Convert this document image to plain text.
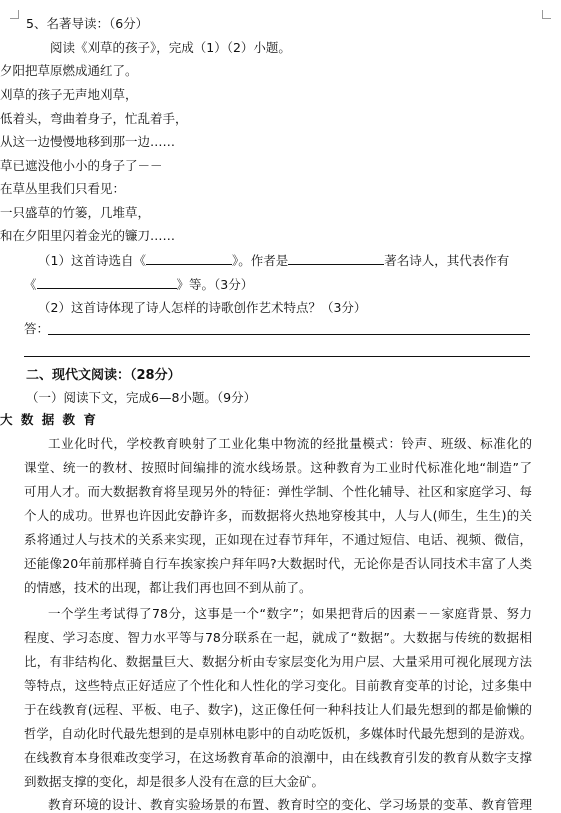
5、名著导读：（6分）
阅读《刈草的孩子》，完成（1）（2）小题。
夕阳把草原燃成通红了。
刈草的孩子无声地刈草，
低着头，弯曲着身子，忙乱着手，
从这一边慢慢地移到那一边……
草已遮没他小小的身子了－－
在草丛里我们只看见：
一只盛草的竹篓，几堆草，
和在夕阳里闪着金光的镰刀……
（1）这首诗选自《	》。作者是	著名诗人，其代表作有
《	》等。（3分）
（2）这首诗体现了诗人怎样的诗歌创作艺术特点？（3分）
答：
二、现代文阅读：（28分）
（一）阅读下文，完成6—8小题。（9分）
大 数 据 教 育
工业化时代，学校教育映射了工业化集中物流的经批量模式：铃声、班级、标准化的
课堂、统一的教材、按照时间编排的流水线场景。这种教育为工业时代标准化地“制造”了
可用人才。而大数据教育将呈现另外的特征：弹性学制、个性化辅导、社区和家庭学习、每
个人的成功。世界也许因此安静许多，而数据将火热地穿梭其中，人与人(师生，生生)的关
系将通过人与技术的关系来实现，正如现在过春节拜年，不通过短信、电话、视频、微信，
还能像20年前那样骑自行车挨家挨户拜年吗?大数据时代，无论你是否认同技术丰富了人类
的情感，技术的出现，都让我们再也回不到从前了。
一个学生考试得了78分，这事是一个“数字”；如果把背后的因素－－家庭背景、努力
程度、学习态度、智力水平等与78分联系在一起，就成了“数据”。大数据与传统的数据相
比，有非结构化、数据量巨大、数据分析由专家层变化为用户层、大量采用可视化展现方法
等特点，这些特点正好适应了个性化和人性化的学习变化。目前教育变革的讨论，过多集中
于在线教育(远程、平板、电子、数字)，这正像任何一种科技让人们最先想到的都是偷懒的
哲学，自动化时代最先想到的是卓别林电影中的自动吃饭机，多媒体时代最先想到的是游戏。
在线教育本身很难改变学习，在这场教育革命的浪潮中，由在线教育引发的教育从数字支撑
到数据支撑的变化，却是很多人没有在意的巨大金矿。
教育环境的设计、教育实验场景的布置、教育时空的变化、学习场景的变革、教育管理
